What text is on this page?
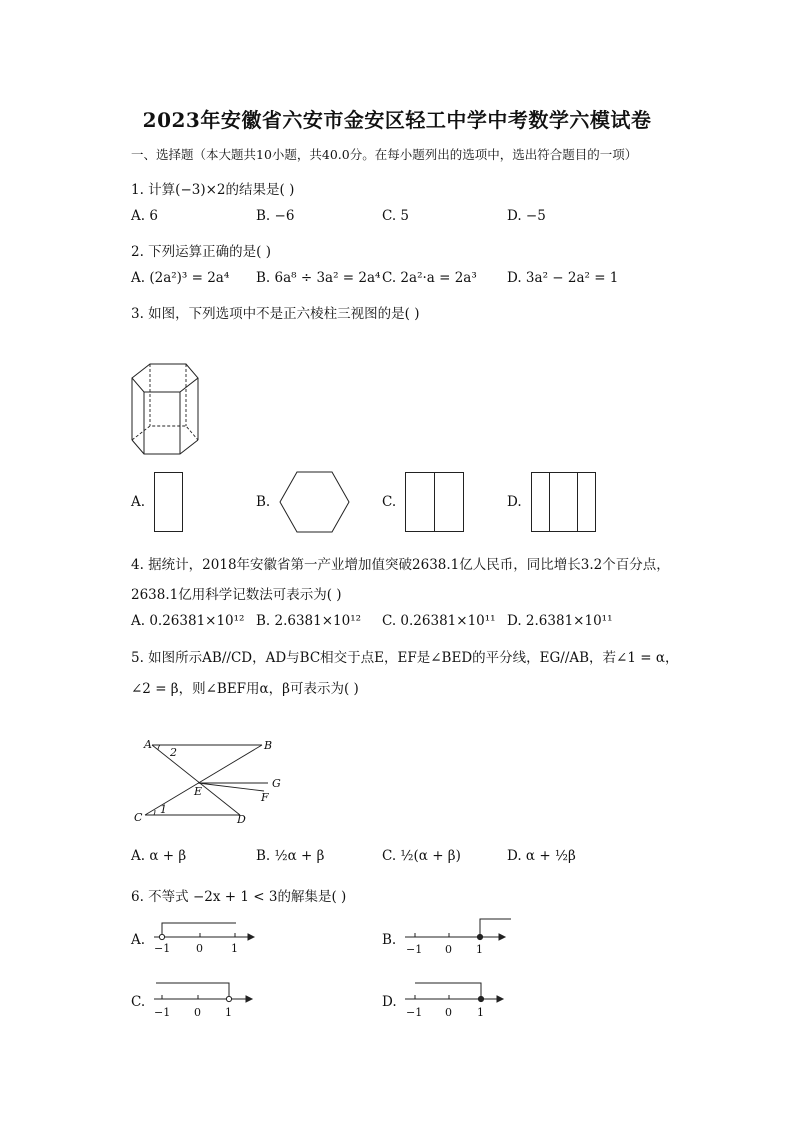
2023年安徽省六安市金安区轻工中学中考数学六模试卷
一、选择题（本大题共10小题，共40.0分。在每小题列出的选项中，选出符合题目的一项）
1. 计算(−3)×2的结果是( )
A. 6	B. −6	C. 5	D. −5
2. 下列运算正确的是( )
A. (2a²)³ = 2a⁴ B. 6a⁸ ÷ 3a² = 2a⁴ C. 2a²·a = 2a³ D. 3a² − 2a² = 1
3. 如图，下列选项中不是正六棱柱三视图的是( )
A.	B.	C.	D.
4. 据统计，2018年安徽省第一产业增加值突破2638.1亿人民币，同比增长3.2个百分点，
2638.1亿用科学记数法可表示为( )
A. 0.26381×10¹² B. 2.6381×10¹² C. 0.26381×10¹¹ D. 2.6381×10¹¹
5. 如图所示AB//CD，AD与BC相交于点E，EF是∠BED的平分线，EG//AB，若∠1 = α，
∠2 = β，则∠BEF用α，β可表示为( )
A	B
C	D
E	F
G
1
2
A. α + β	B. ½α + β	C. ½(α + β)	D. α + ½β
6. 不等式 −2x + 1 < 3的解集是( )
A.
−1 0	1
B.
−1 0 1
C.
−1 0 1
D.
−1 0 1
